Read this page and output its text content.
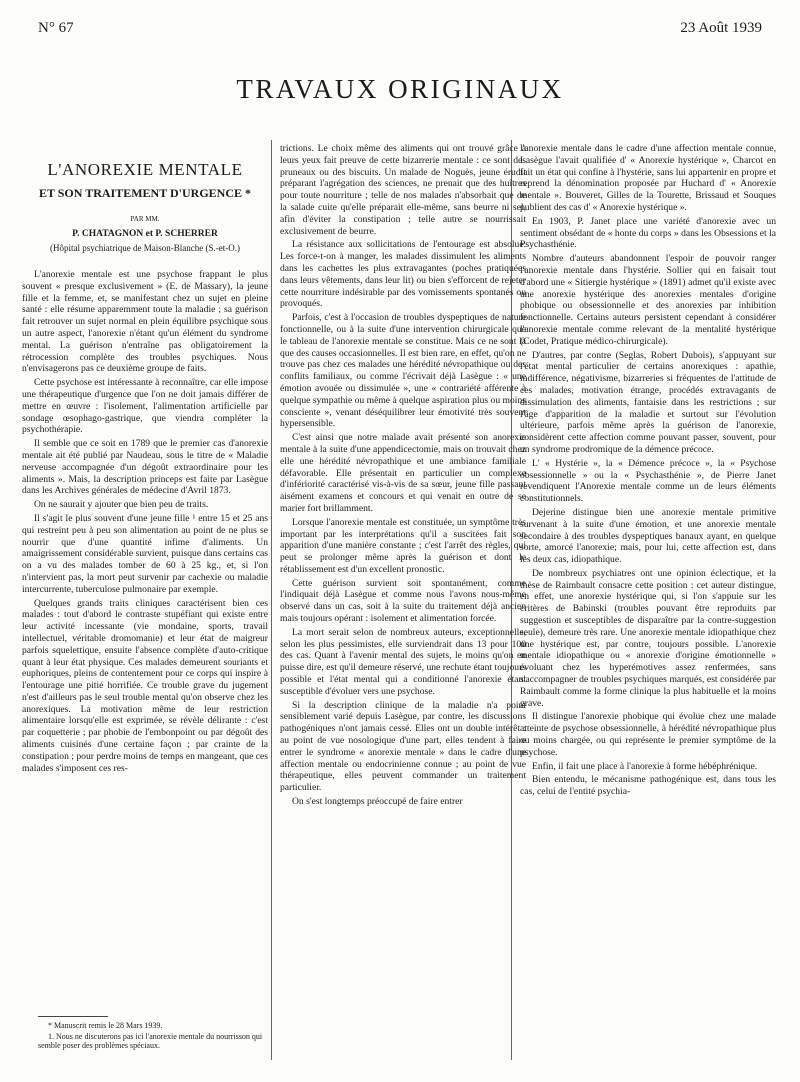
N° 67	23 Août 1939
TRAVAUX ORIGINAUX
L'ANOREXIE MENTALE
ET SON TRAITEMENT D'URGENCE *
PAR MM.
P. CHATAGNON et P. SCHERRER
(Hôpital psychiatrique de Maison-Blanche (S.-et-O.)

L'anorexie mentale est une psychose frappant le plus souvent « presque exclusivement » (E. de Massary), la jeune fille et la femme, et, se manifestant chez un sujet en pleine santé : elle résume apparemment toute la maladie ; sa guérison fait retrouver un sujet normal en plein équilibre psychique sous un autre aspect, l'anorexie n'étant qu'un élément du syndrome mental. La guérison n'entraîne pas obligatoirement la rétrocession complète des troubles psychiques. Nous n'envisagerons pas ce deuxième groupe de faits.

Cette psychose est intéressante à reconnaître, car elle impose une thérapeutique d'urgence que l'on ne doit jamais différer de mettre en œuvre : l'isolement, l'alimentation artificielle par sondage œsophago-gastrique, que viendra compléter la psychothérapie.

Il semble que ce soit en 1789 que le premier cas d'anorexie mentale ait été publié par Naudeau, sous le titre de « Maladie nerveuse accompagnée d'un dégoût extraordinaire pour les aliments ». Mais, la description princeps est faite par Lasègue dans les Archives générales de médecine d'Avril 1873.

On ne saurait y ajouter que bien peu de traits.

Il s'agit le plus souvent d'une jeune fille ¹ entre 15 et 25 ans qui restreint peu à peu son alimentation au point de ne plus se nourrir que d'une quantité infime d'aliments. Un amaigrissement considérable survient, puisque dans certains cas on a vu des malades tomber de 60 à 25 kg., et, si l'on n'intervient pas, la mort peut survenir par cachexie ou maladie intercurrente, tuberculose pulmonaire par exemple.

Quelques grands traits cliniques caractérisent bien ces malades : tout d'abord le contraste stupéfiant qui existe entre leur activité incessante (vie mondaine, sports, travail intellectuel, véritable dromomanie) et leur état de maigreur parfois squelettique, ensuite l'absence complète d'auto-critique quant à leur état physique. Ces malades demeurent souriants et euphoriques, pleins de contentement pour ce corps qui inspire à l'entourage une pitié horrifiée. Ce trouble grave du jugement n'est d'ailleurs pas le seul trouble mental qu'on observe chez les anorexiques. La motivation même de leur restriction alimentaire lorsqu'elle est exprimée, se révèle délirante : c'est par coquetterie ; par phobie de l'embonpoint ou par dégoût des aliments cuisinés d'une certaine façon ; par crainte de la constipation ; pour perdre moins de temps en mangeant, que ces malades s'imposent ces res-

trictions. Le choix même des aliments qui ont trouvé grâce à leurs yeux fait preuve de cette bizarrerie mentale : ce sont des pruneaux ou des biscuits. Un malade de Noguès, jeune érudit préparant l'agrégation des sciences, ne prenait que des huîtres pour toute nourriture ; telle de nos malades n'absorbait que de la salade cuite qu'elle préparait elle-même, sans beurre ni sel, afin d'éviter la constipation ; telle autre se nourrissait exclusivement de beurre.

La résistance aux sollicitations de l'entourage est absolue. Les force-t-on à manger, les malades dissimulent les aliments dans les cachettes les plus extravagantes (poches pratiquées dans leurs vêtements, dans leur lit) ou bien s'efforcent de rejeter cette nourriture indésirable par des vomissements spontanés ou provoqués.

Parfois, c'est à l'occasion de troubles dyspeptiques de nature fonctionnelle, ou à la suite d'une intervention chirurgicale que le tableau de l'anorexie mentale se constitue. Mais ce ne sont là que des causes occasionnelles. Il est bien rare, en effet, qu'on ne trouve pas chez ces malades une hérédité névropathique ou des conflits familiaux, ou comme l'écrivait déjà Lasègue : « une émotion avouée ou dissimulée », une « contrariété afférente à quelque sympathie ou même à quelque aspiration plus ou moins consciente », venant déséquilibrer leur émotivité très souvent hypersensible.

C'est ainsi que notre malade avait présenté son anorexie mentale à la suite d'une appendicectomie, mais on trouvait chez elle une hérédité névropathique et une ambiance familiale défavorable. Elle présentait en particulier un complexe d'infériorité caractérisé vis-à-vis de sa sœur, jeune fille passant aisément examens et concours et qui venait en outre de se marier fort brillamment.

Lorsque l'anorexie mentale est constituée, un symptôme très important par les interprétations qu'il a suscitées fait son apparition d'une manière constante ; c'est l'arrêt des règles, qui peut se prolonger même après la guérison et dont le rétablissement est d'un excellent pronostic.

Cette guérison survient soit spontanément, comme l'indiquait déjà Lasègue et comme nous l'avons nous-même observé dans un cas, soit à la suite du traitement déjà ancien mais toujours opérant : isolement et alimentation forcée.

La mort serait selon de nombreux auteurs, exceptionnelle, selon les plus pessimistes, elle surviendrait dans 13 pour 100 des cas. Quant à l'avenir mental des sujets, le moins qu'on en puisse dire, est qu'il demeure réservé, une rechute étant toujours possible et l'état mental qui a conditionné l'anorexie étant susceptible d'évoluer vers une psychose.

Si la description clinique de la maladie n'a point sensiblement varié depuis Lasègue, par contre, les discussions pathogéniques n'ont jamais cessé. Elles ont un double intérêt : au point de vue nosologique d'une part, elles tendent à faire entrer le syndrome « anorexie mentale » dans le cadre d'une affection mentale ou endocrinienne connue ; au point de vue thérapeutique, elles peuvent commander un traitement particulier.

On s'est longtemps préoccupé de faire entrer

l'anorexie mentale dans le cadre d'une affection mentale connue, Lasègue l'avait qualifiée d' « Anorexie hystérique », Charcot en fait un état qui confine à l'hystérie, sans lui appartenir en propre et reprend la dénomination proposée par Huchard d' « Anorexie mentale ». Bouveret, Gilles de la Tourette, Brissaud et Souques publient des cas d' « Anorexie hystérique ».

En 1903, P. Janet place une variété d'anorexie avec un sentiment obsédant de « honte du corps » dans les Obsessions et la Psychasthénie.

Nombre d'auteurs abandonnent l'espoir de pouvoir ranger l'anorexie mentale dans l'hystérie. Sollier qui en faisait tout d'abord une « Sitiergie hystérique » (1891) admet qu'il existe avec une anorexie hystérique des anorexies mentales d'origine phobique ou obsessionnelle et des anorexies par inhibition fonctionnelle. Certains auteurs persistent cependant à considérer l'anorexie mentale comme relevant de la mentalité hystérique (Codet, Pratique médico-chirurgicale).

D'autres, par contre (Seglas, Robert Dubois), s'appuyant sur l'état mental particulier de certains anorexiques : apathie, indifférence, négativisme, bizarreries si fréquentes de l'attitude de ces malades, motivation étrange, procédés extravagants de dissimulation des aliments, fantaisie dans les restrictions ; sur l'âge d'apparition de la maladie et surtout sur l'évolution ultérieure, parfois même après la guérison de l'anorexie, considèrent cette affection comme pouvant passer, souvent, pour un syndrome prodromique de la démence précoce.

L' « Hystérie », la « Démence précoce », la « Psychose obsessionnelle » ou la « Psychasthénie », de Pierre Janet revendiquent l'Anorexie mentale comme un de leurs éléments constitutionnels.

Dejerine distingue bien une anorexie mentale primitive survenant à la suite d'une émotion, et une anorexie mentale secondaire à des troubles dyspeptiques banaux ayant, en quelque sorte, amorcé l'anorexie; mais, pour lui, cette affection est, dans les deux cas, idiopathique.

De nombreux psychiatres ont une opinion éclectique, et la thèse de Raimbault consacre cette position : cet auteur distingue, en effet, une anorexie hystérique qui, si l'on s'appuie sur les critères de Babinski (troubles pouvant être reproduits par suggestion et susceptibles de disparaître par la contre-suggestion seule), demeure très rare. Une anorexie mentale idiopathique chez une hystérique est, par contre, toujours possible. L'anorexie mentale idiopathique ou « anorexie d'origine émotionnelle » évoluant chez les hyperémotives assez renfermées, sans s'accompagner de troubles psychiques marqués, est considérée par Raimbault comme la forme clinique la plus habituelle et la moins grave.

Il distingue l'anorexie phobique qui évolue chez une malade atteinte de psychose obsessionnelle, à hérédité névropathique plus ou moins chargée, ou qui représente le premier symptôme de la psychose.

Enfin, il fait une place à l'anorexie à forme hébéphrénique.

Bien entendu, le mécanisme pathogénique est, dans tous les cas, celui de l'entité psychia-

* Manuscrit remis le 28 Mars 1939.

1. Nous ne discuterons pas ici l'anorexie mentale du nourrisson qui semble poser des problèmes spéciaux.
